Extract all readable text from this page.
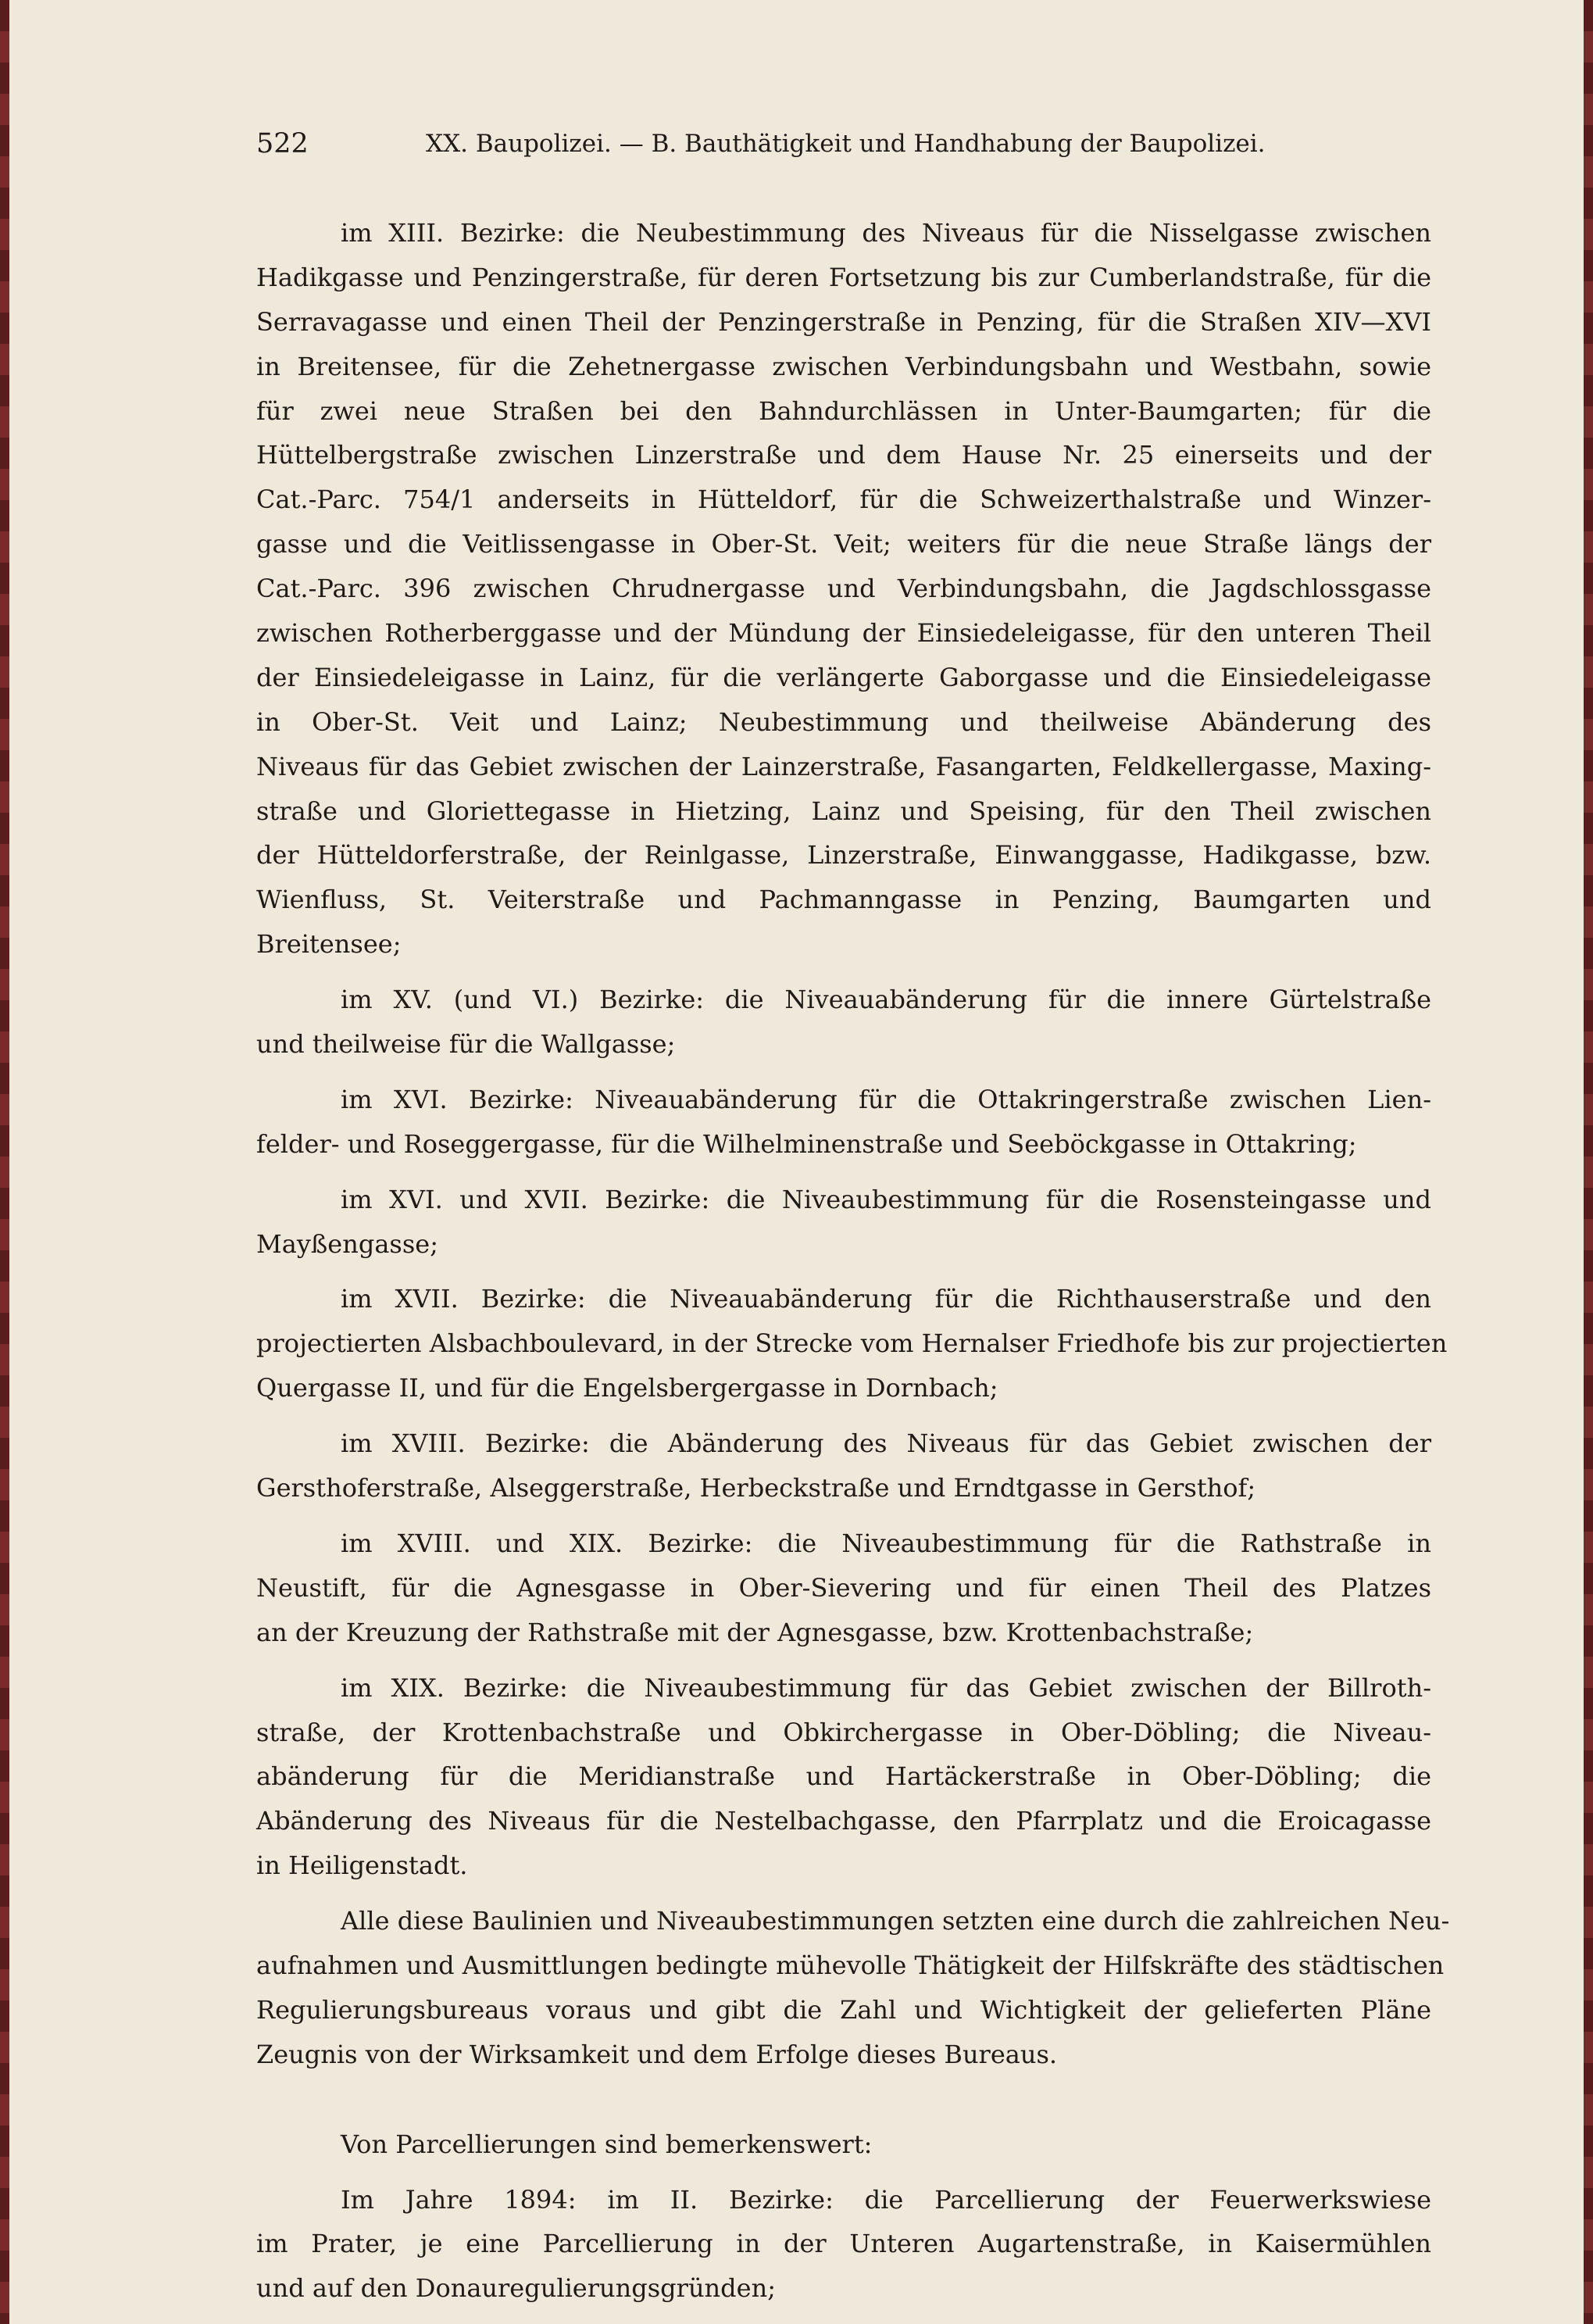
522	XX. Baupolizei. — B. Bauthätigkeit und Handhabung der Baupolizei.
im XIII. Bezirke: die Neubestimmung des Niveaus für die Nisselgasse zwischen
Hadikgasse und Penzingerstraße, für deren Fortsetzung bis zur Cumberlandstraße, für die
Serravagasse und einen Theil der Penzingerstraße in Penzing, für die Straßen XIV—XVI
in Breitensee, für die Zehetnergasse zwischen Verbindungsbahn und Westbahn, sowie
für zwei neue Straßen bei den Bahndurchlässen in Unter-Baumgarten; für die
Hüttelbergstraße zwischen Linzerstraße und dem Hause Nr. 25 einerseits und der
Cat.-Parc. 754/1 anderseits in Hütteldorf, für die Schweizerthalstraße und Winzer-
gasse und die Veitlissengasse in Ober-St. Veit; weiters für die neue Straße längs der
Cat.-Parc. 396 zwischen Chrudnergasse und Verbindungsbahn, die Jagdschlossgasse
zwischen Rotherberggasse und der Mündung der Einsiedeleigasse, für den unteren Theil
der Einsiedeleigasse in Lainz, für die verlängerte Gaborgasse und die Einsiedeleigasse
in Ober-St. Veit und Lainz; Neubestimmung und theilweise Abänderung des
Niveaus für das Gebiet zwischen der Lainzerstraße, Fasangarten, Feldkellergasse, Maxing-
straße und Gloriettegasse in Hietzing, Lainz und Speising, für den Theil zwischen
der Hütteldorferstraße, der Reinlgasse, Linzerstraße, Einwanggasse, Hadikgasse, bzw.
Wienfluss, St. Veiterstraße und Pachmanngasse in Penzing, Baumgarten und
Breitensee;
im XV. (und VI.) Bezirke: die Niveauabänderung für die innere Gürtelstraße
und theilweise für die Wallgasse;
im XVI. Bezirke: Niveauabänderung für die Ottakringerstraße zwischen Lien-
felder- und Roseggergasse, für die Wilhelminenstraße und Seeböckgasse in Ottakring;
im XVI. und XVII. Bezirke: die Niveaubestimmung für die Rosensteingasse und
Mayßengasse;
im XVII. Bezirke: die Niveauabänderung für die Richthauserstraße und den
projectierten Alsbachboulevard, in der Strecke vom Hernalser Friedhofe bis zur projectierten
Quergasse II, und für die Engelsbergergasse in Dornbach;
im XVIII. Bezirke: die Abänderung des Niveaus für das Gebiet zwischen der
Gersthoferstraße, Alseggerstraße, Herbeckstraße und Erndtgasse in Gersthof;
im XVIII. und XIX. Bezirke: die Niveaubestimmung für die Rathstraße in
Neustift, für die Agnesgasse in Ober-Sievering und für einen Theil des Platzes
an der Kreuzung der Rathstraße mit der Agnesgasse, bzw. Krottenbachstraße;
im XIX. Bezirke: die Niveaubestimmung für das Gebiet zwischen der Billroth-
straße, der Krottenbachstraße und Obkirchergasse in Ober-Döbling; die Niveau-
abänderung für die Meridianstraße und Hartäckerstraße in Ober-Döbling; die
Abänderung des Niveaus für die Nestelbachgasse, den Pfarrplatz und die Eroicagasse
in Heiligenstadt.
Alle diese Baulinien und Niveaubestimmungen setzten eine durch die zahlreichen Neu-
aufnahmen und Ausmittlungen bedingte mühevolle Thätigkeit der Hilfskräfte des städtischen
Regulierungsbureaus voraus und gibt die Zahl und Wichtigkeit der gelieferten Pläne
Zeugnis von der Wirksamkeit und dem Erfolge dieses Bureaus.
Von Parcellierungen sind bemerkenswert:
Im Jahre 1894: im II. Bezirke: die Parcellierung der Feuerwerkswiese
im Prater, je eine Parcellierung in der Unteren Augartenstraße, in Kaisermühlen
und auf den Donauregulierungsgründen;
